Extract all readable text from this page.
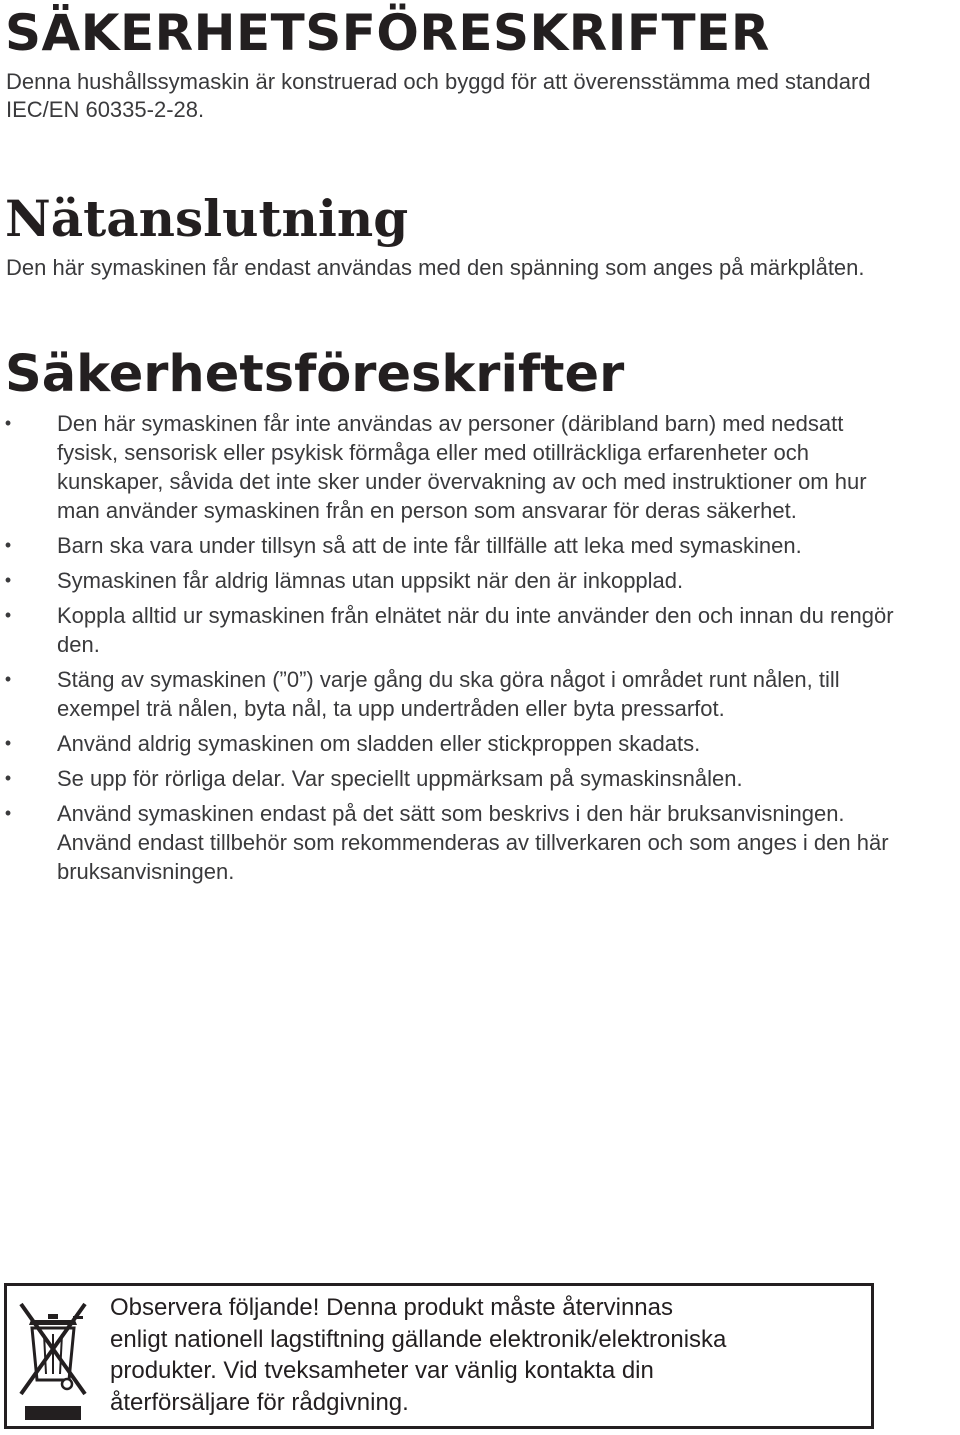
SÄKERHETSFÖRESKRIFTER

Denna hushållssymaskin är konstruerad och byggd för att överensstämma med standard IEC/EN 60335-2-28.

Nätanslutning

Den här symaskinen får endast användas med den spänning som anges på märkplåten.

Säkerhetsföreskrifter
• Den här symaskinen får inte användas av personer (däribland barn) med nedsatt
fysisk, sensorisk eller psykisk förmåga eller med otillräckliga erfarenheter och
kunskaper, såvida det inte sker under övervakning av och med instruktioner om hur
man använder symaskinen från en person som ansvarar för deras säkerhet.
• Barn ska vara under tillsyn så att de inte får tillfälle att leka med symaskinen.
• Symaskinen får aldrig lämnas utan uppsikt när den är inkopplad.
• Koppla alltid ur symaskinen från elnätet när du inte använder den och innan du rengör
den.
• Stäng av symaskinen (”0”) varje gång du ska göra något i området runt nålen, till
exempel trä nålen, byta nål, ta upp undertråden eller byta pressarfot.
• Använd aldrig symaskinen om sladden eller stickproppen skadats.
• Se upp för rörliga delar. Var speciellt uppmärksam på symaskinsnålen.
• Använd symaskinen endast på det sätt som beskrivs i den här bruksanvisningen.
Använd endast tillbehör som rekommenderas av tillverkaren och som anges i den här
bruksanvisningen.

Observera följande! Denna produkt måste återvinnas
enligt nationell lagstiftning gällande elektronik/elektroniska
produkter. Vid tveksamheter var vänlig kontakta din
återförsäljare för rådgivning.
